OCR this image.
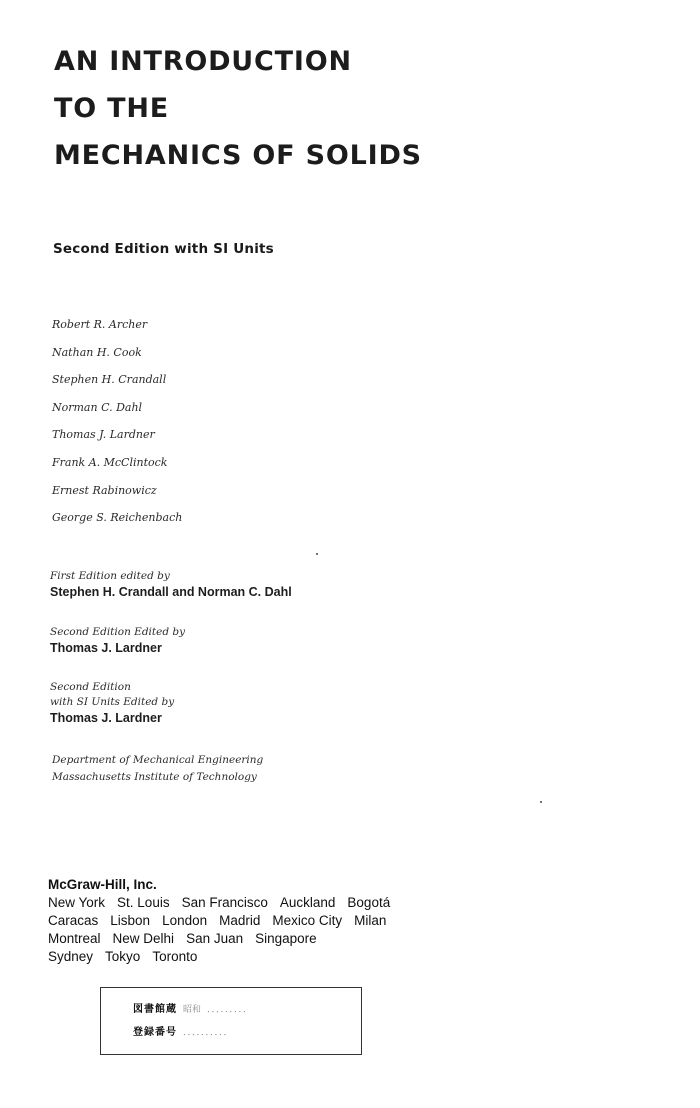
AN INTRODUCTION
TO THE
MECHANICS OF SOLIDS
Second Edition with SI Units
Robert R. Archer
Nathan H. Cook
Stephen H. Crandall
Norman C. Dahl
Thomas J. Lardner
Frank A. McClintock
Ernest Rabinowicz
George S. Reichenbach
First Edition edited by
Stephen H. Crandall and Norman C. Dahl
Second Edition Edited by
Thomas J. Lardner
Second Edition
with SI Units Edited by
Thomas J. Lardner
Department of Mechanical Engineering
Massachusetts Institute of Technology
McGraw-Hill, Inc.
New York St. Louis San Francisco Auckland Bogotá
Caracas Lisbon London Madrid Mexico City Milan
Montreal New Delhi San Juan Singapore
Sydney Tokyo Toronto
図書館蔵 昭和 ．．．．．．．．．
登録番号 ．．．．．．．．．．
